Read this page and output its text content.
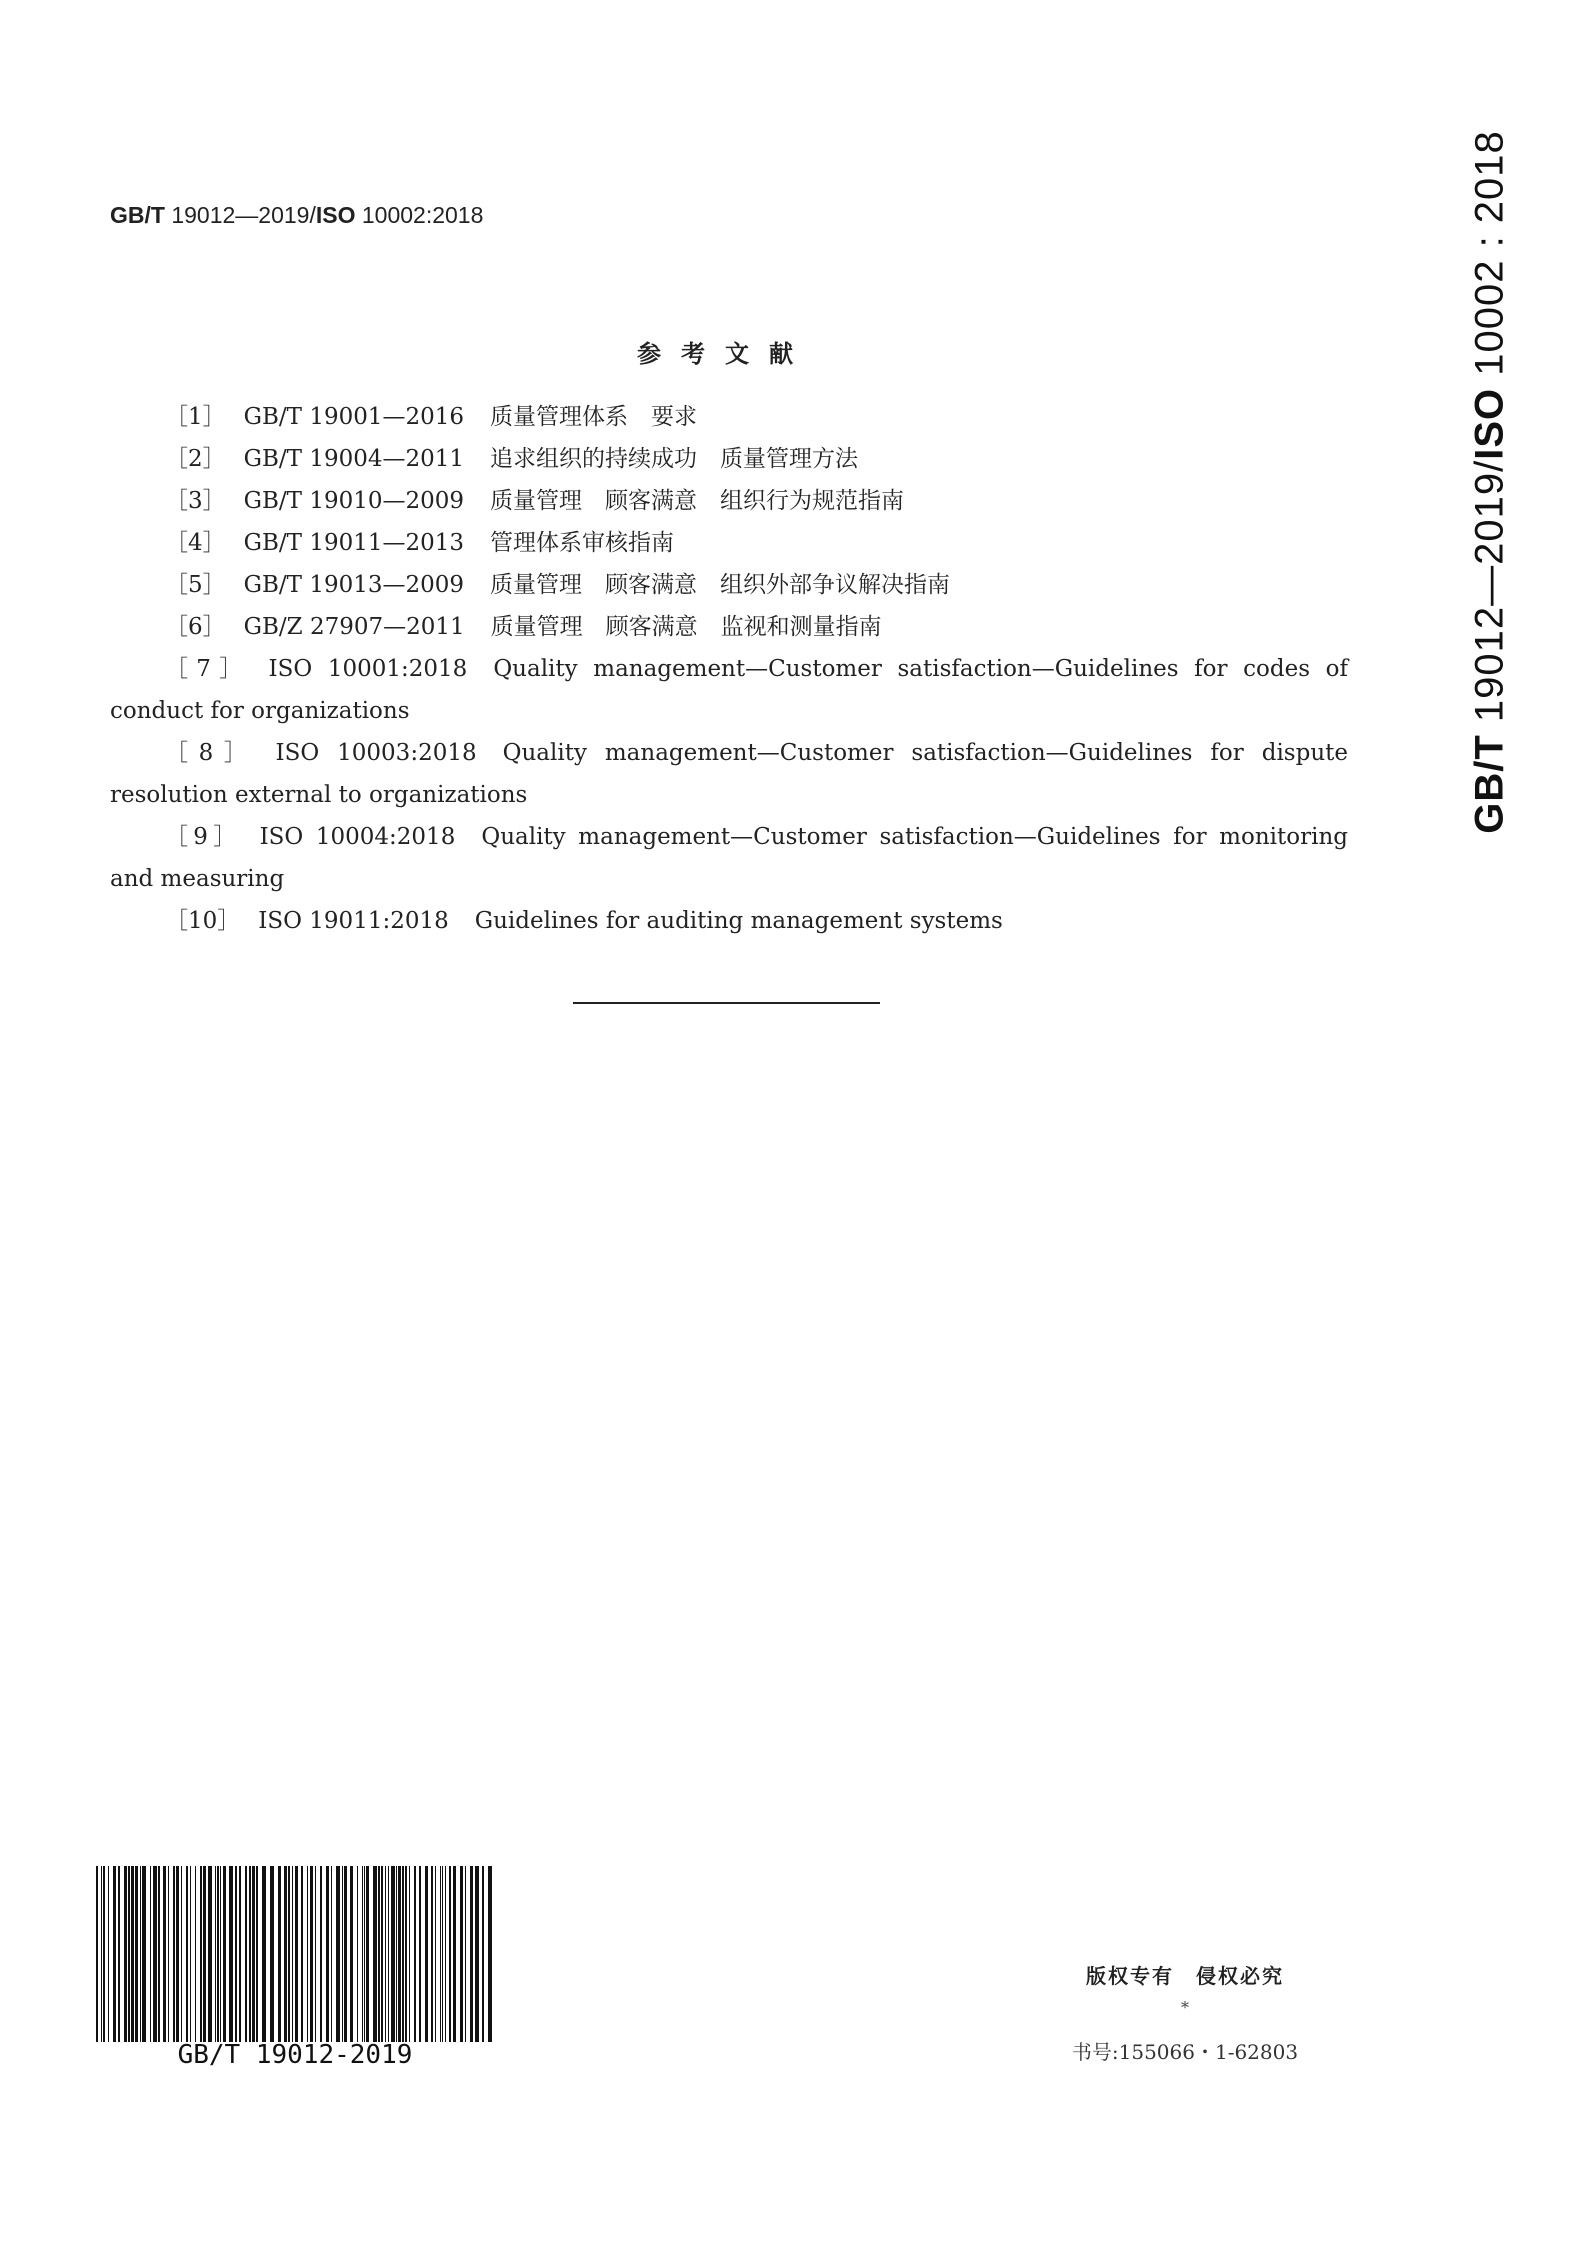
GB/T 19012—2019/ISO 10002:2018
GB/T 19012—2019/ISO 10002 : 2018
参考文献
［1］ GB/T 19001—2016 质量管理体系　要求
［2］ GB/T 19004—2011 追求组织的持续成功　质量管理方法
［3］ GB/T 19010—2009 质量管理　顾客满意　组织行为规范指南
［4］ GB/T 19011—2013 管理体系审核指南
［5］ GB/T 19013—2009 质量管理　顾客满意　组织外部争议解决指南
［6］ GB/Z 27907—2011 质量管理　顾客满意　监视和测量指南
［7］ ISO 10001:2018 Quality management—Customer satisfaction—Guidelines for codes of conduct for organizations
［8］ ISO 10003:2018 Quality management—Customer satisfaction—Guidelines for dispute resolution external to organizations
［9］ ISO 10004:2018 Quality management—Customer satisfaction—Guidelines for monitoring and measuring
［10］ ISO 19011:2018 Guidelines for auditing management systems
GB/T 19012-2019
版权专有　侵权必究
*
书号:155066・1-62803
